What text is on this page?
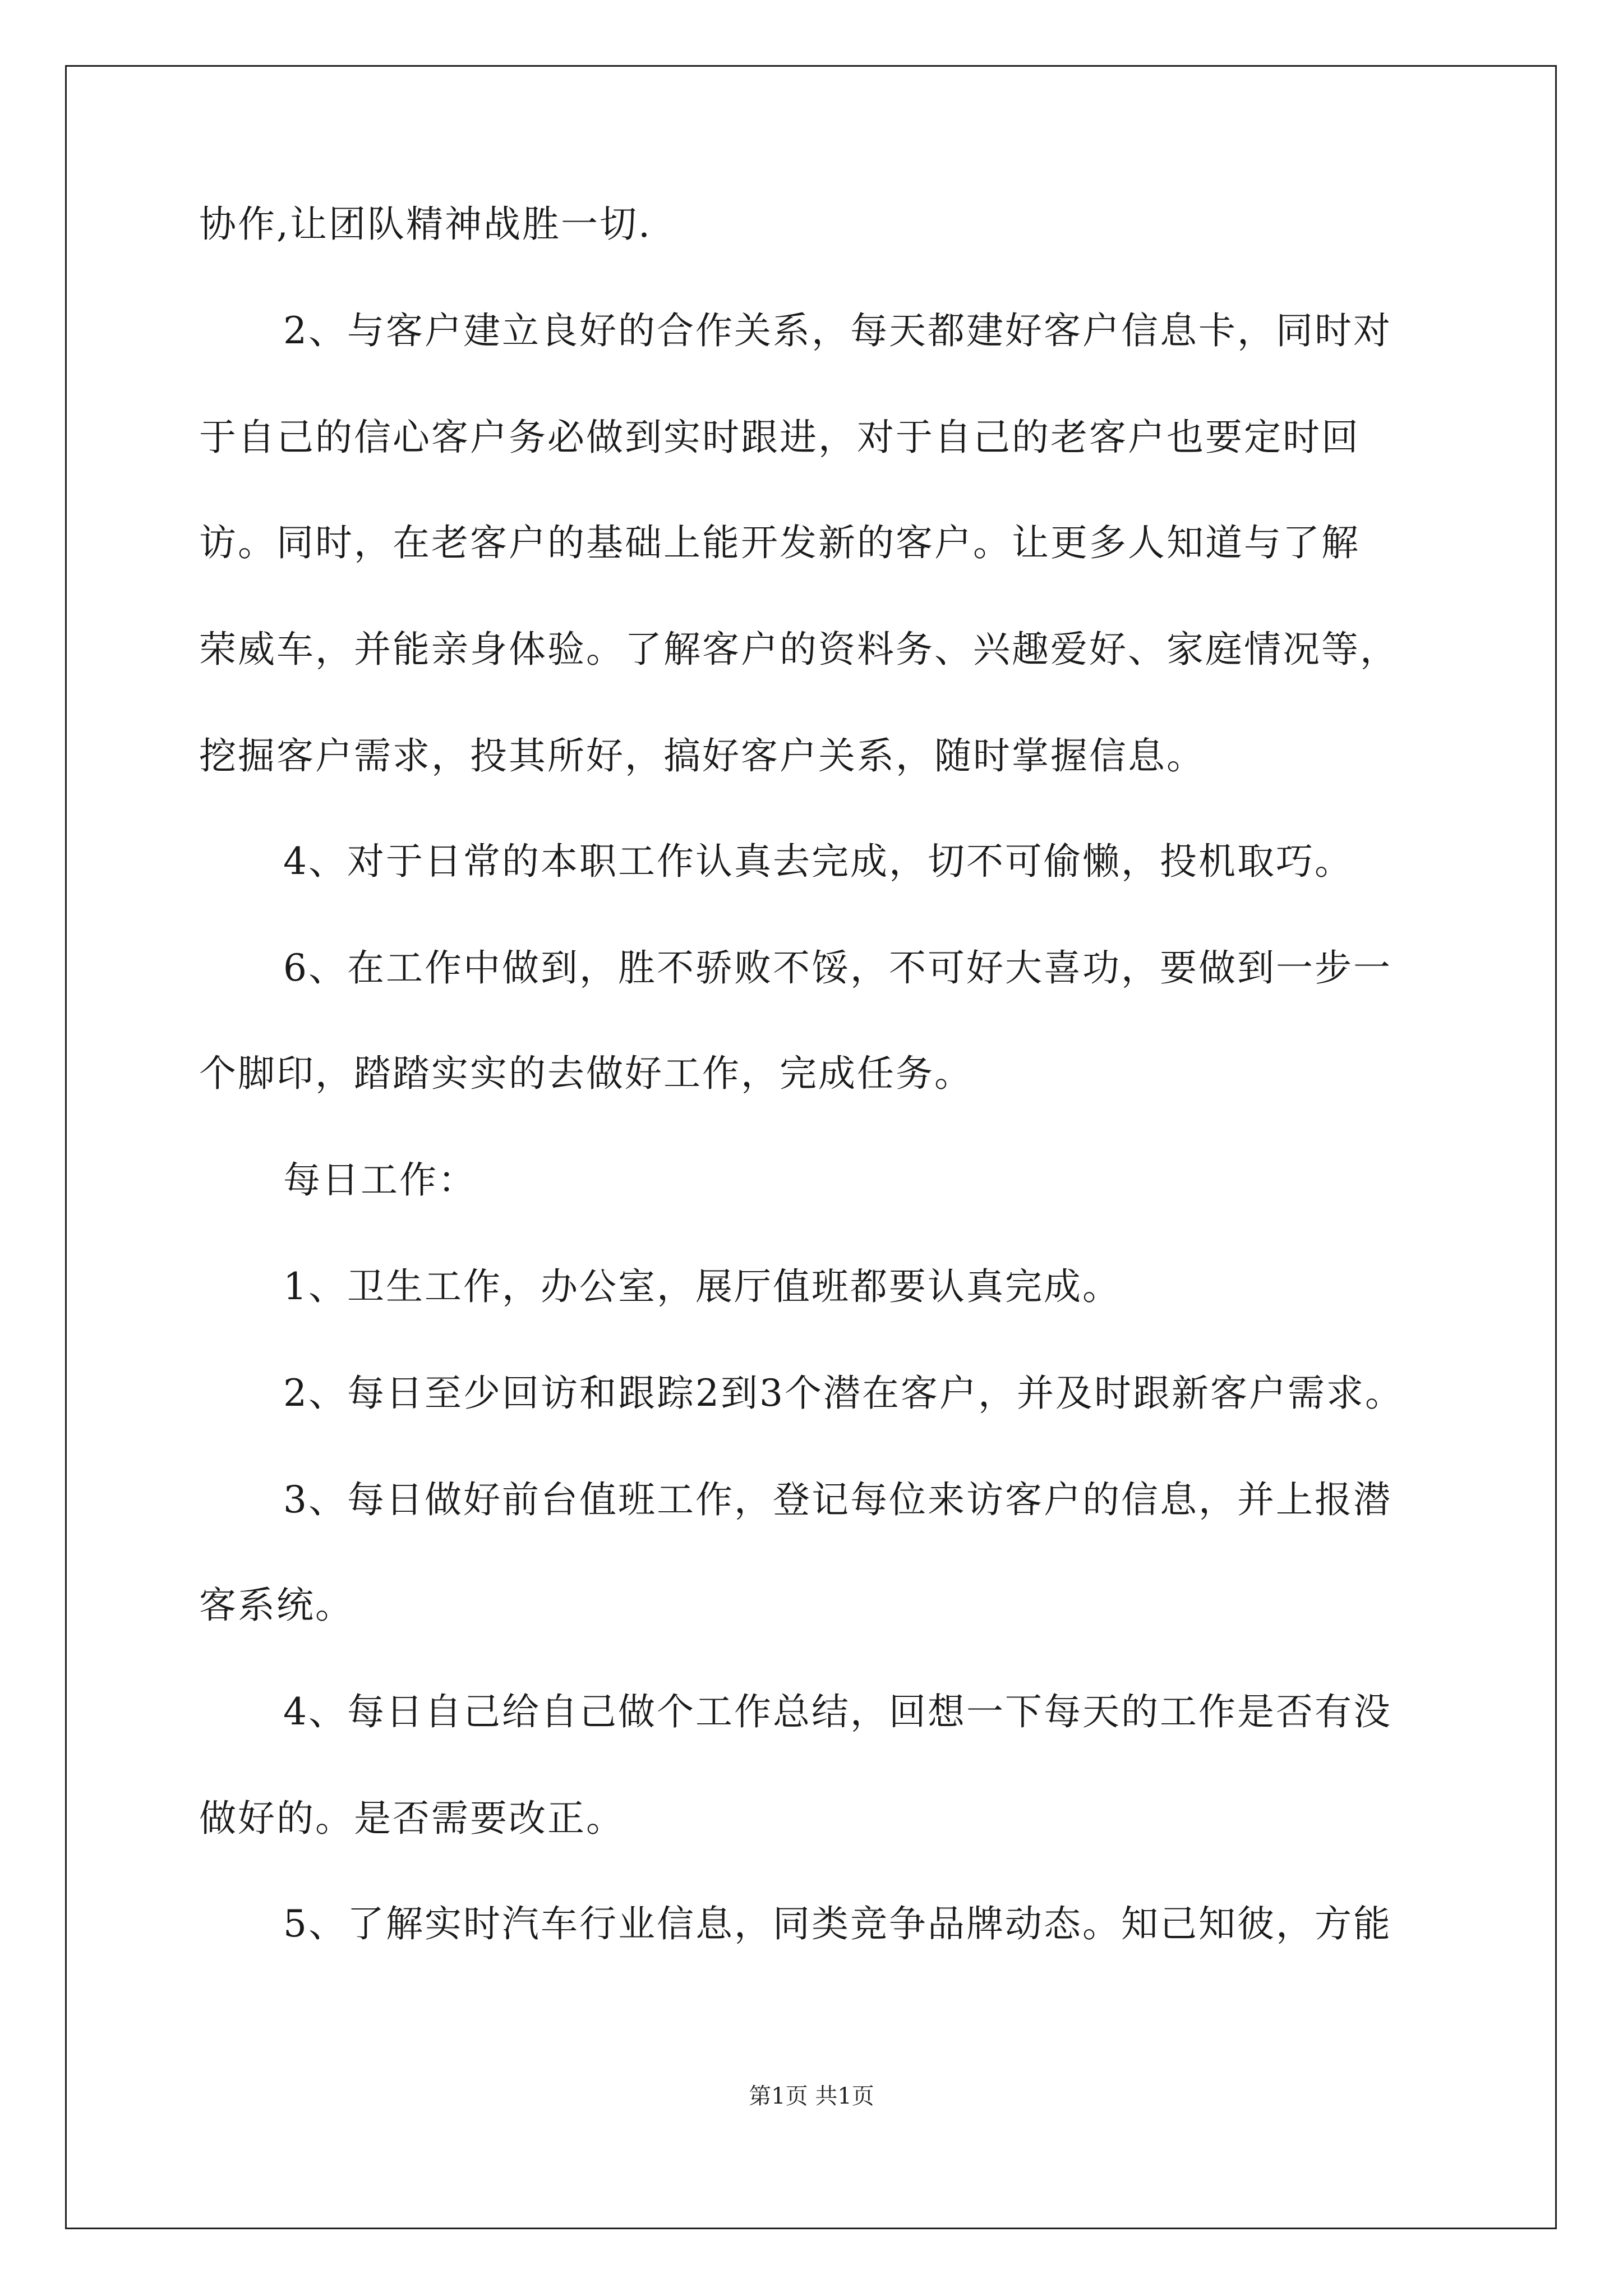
协作,让团队精神战胜一切.
2、与客户建立良好的合作关系，每天都建好客户信息卡，同时对
于自己的信心客户务必做到实时跟进，对于自己的老客户也要定时回
访。同时，在老客户的基础上能开发新的客户。让更多人知道与了解
荣威车，并能亲身体验。了解客户的资料务、兴趣爱好、家庭情况等，
挖掘客户需求，投其所好，搞好客户关系，随时掌握信息。
4、对于日常的本职工作认真去完成，切不可偷懒，投机取巧。
6、在工作中做到，胜不骄败不馁，不可好大喜功，要做到一步一
个脚印，踏踏实实的去做好工作，完成任务。
每日工作：
1、卫生工作，办公室，展厅值班都要认真完成。
2、每日至少回访和跟踪2到3个潜在客户，并及时跟新客户需求。
3、每日做好前台值班工作，登记每位来访客户的信息，并上报潜
客系统。
4、每日自己给自己做个工作总结，回想一下每天的工作是否有没
做好的。是否需要改正。
5、了解实时汽车行业信息，同类竞争品牌动态。知己知彼，方能
第1页 共1页
